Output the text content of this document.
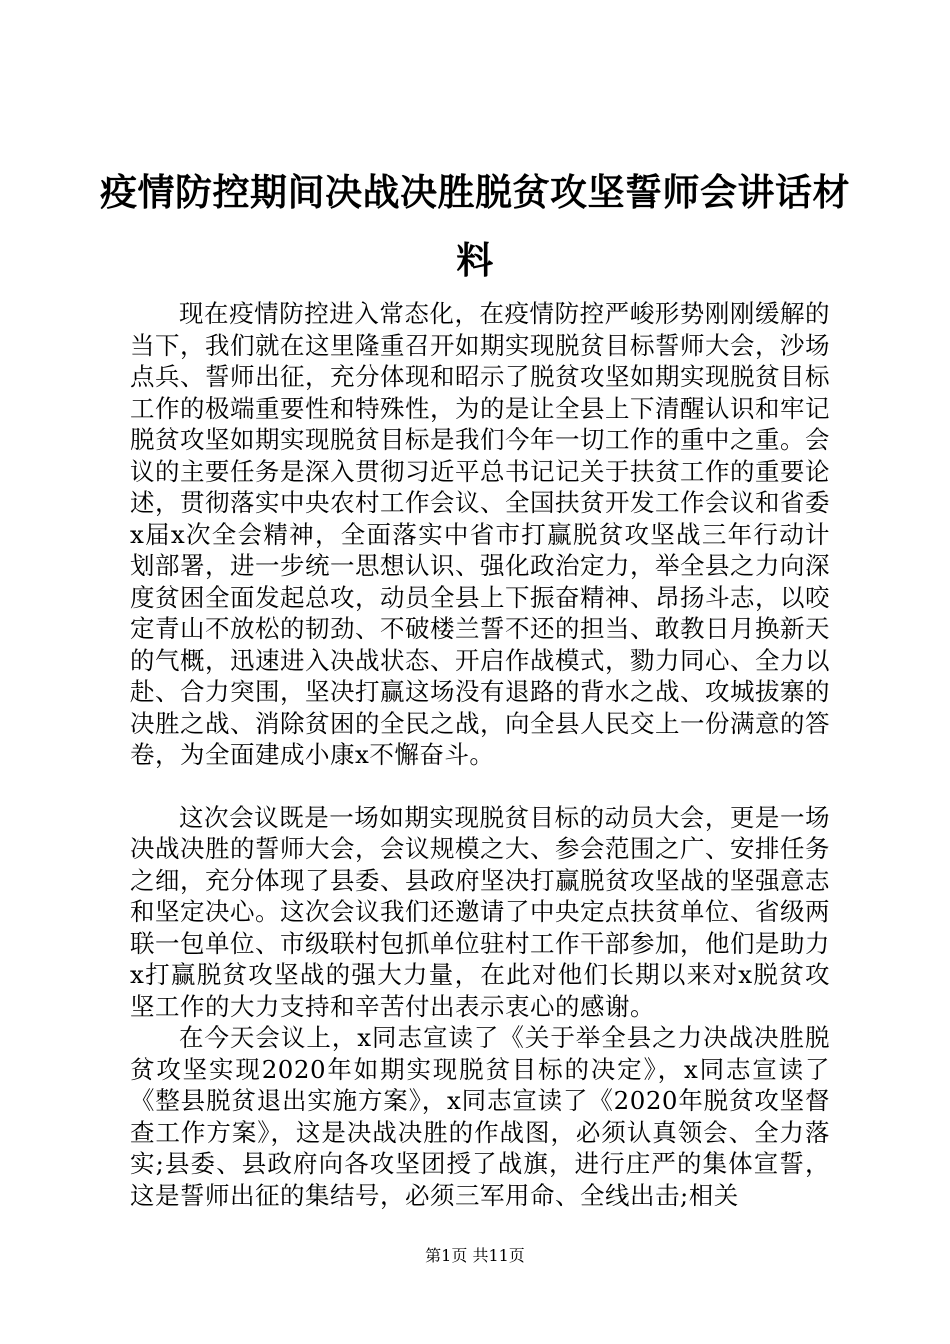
疫情防控期间决战决胜脱贫攻坚誓师会讲话材料

现在疫情防控进入常态化，在疫情防控严峻形势刚刚缓解的当下，我们就在这里隆重召开如期实现脱贫目标誓师大会，沙场点兵、誓师出征，充分体现和昭示了脱贫攻坚如期实现脱贫目标工作的极端重要性和特殊性，为的是让全县上下清醒认识和牢记脱贫攻坚如期实现脱贫目标是我们今年一切工作的重中之重。会议的主要任务是深入贯彻习近平总书记记关于扶贫工作的重要论述，贯彻落实中央农村工作会议、全国扶贫开发工作会议和省委x届x次全会精神，全面落实中省市打赢脱贫攻坚战三年行动计划部署，进一步统一思想认识、强化政治定力，举全县之力向深度贫困全面发起总攻，动员全县上下振奋精神、昂扬斗志，以咬定青山不放松的韧劲、不破楼兰誓不还的担当、敢教日月换新天的气概，迅速进入决战状态、开启作战模式，勠力同心、全力以赴、合力突围，坚决打赢这场没有退路的背水之战、攻城拔寨的决胜之战、消除贫困的全民之战，向全县人民交上一份满意的答卷，为全面建成小康x不懈奋斗。

这次会议既是一场如期实现脱贫目标的动员大会，更是一场决战决胜的誓师大会，会议规模之大、参会范围之广、安排任务之细，充分体现了县委、县政府坚决打赢脱贫攻坚战的坚强意志和坚定决心。这次会议我们还邀请了中央定点扶贫单位、省级两联一包单位、市级联村包抓单位驻村工作干部参加，他们是助力x打赢脱贫攻坚战的强大力量，在此对他们长期以来对x脱贫攻坚工作的大力支持和辛苦付出表示衷心的感谢。

在今天会议上，x同志宣读了《关于举全县之力决战决胜脱贫攻坚实现2020年如期实现脱贫目标的决定》，x同志宣读了《整县脱贫退出实施方案》，x同志宣读了《2020年脱贫攻坚督查工作方案》，这是决战决胜的作战图，必须认真领会、全力落实;县委、县政府向各攻坚团授了战旗，进行庄严的集体宣誓，这是誓师出征的集结号，必须三军用命、全线出击;相关

第1页 共11页
